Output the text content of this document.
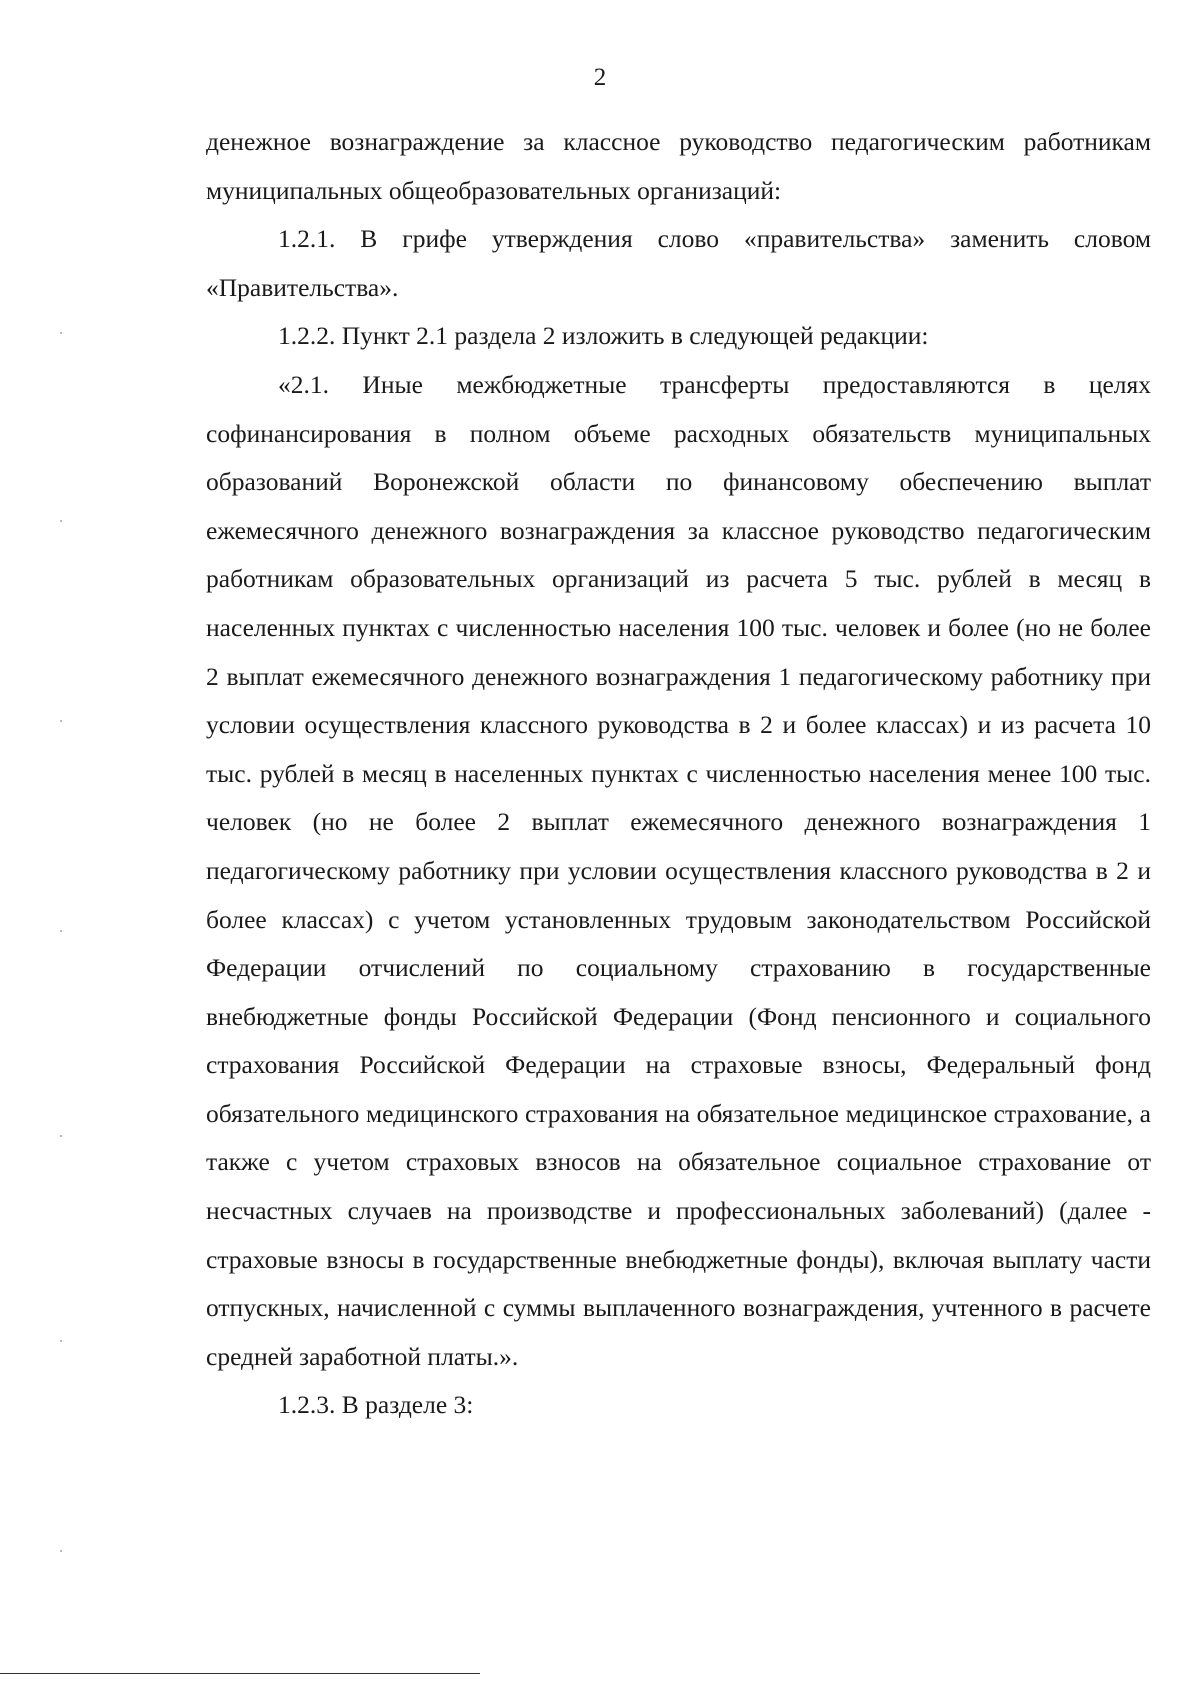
2

денежное вознаграждение за классное руководство педагогическим работникам муниципальных общеобразовательных организаций:

1.2.1. В грифе утверждения слово «правительства» заменить словом «Правительства».

1.2.2. Пункт 2.1 раздела 2 изложить в следующей редакции:

«2.1. Иные межбюджетные трансферты предоставляются в целях софинансирования в полном объеме расходных обязательств муниципальных образований Воронежской области по финансовому обеспечению выплат ежемесячного денежного вознаграждения за классное руководство педагогическим работникам образовательных организаций из расчета 5 тыс. рублей в месяц в населенных пунктах с численностью населения 100 тыс. человек и более (но не более 2 выплат ежемесячного денежного вознаграждения 1 педагогическому работнику при условии осуществления классного руководства в 2 и более классах) и из расчета 10 тыс. рублей в месяц в населенных пунктах с численностью населения менее 100 тыс. человек (но не более 2 выплат ежемесячного денежного вознаграждения 1 педагогическому работнику при условии осуществления классного руководства в 2 и более классах) с учетом установленных трудовым законодательством Российской Федерации отчислений по социальному страхованию в государственные внебюджетные фонды Российской Федерации (Фонд пенсионного и социального страхования Российской Федерации на страховые взносы, Федеральный фонд обязательного медицинского страхования на обязательное медицинское страхование, а также с учетом страховых взносов на обязательное социальное страхование от несчастных случаев на производстве и профессиональных заболеваний) (далее - страховые взносы в государственные внебюджетные фонды), включая выплату части отпускных, начисленной с суммы выплаченного вознаграждения, учтенного в расчете средней заработной платы.».

1.2.3. В разделе 3:
